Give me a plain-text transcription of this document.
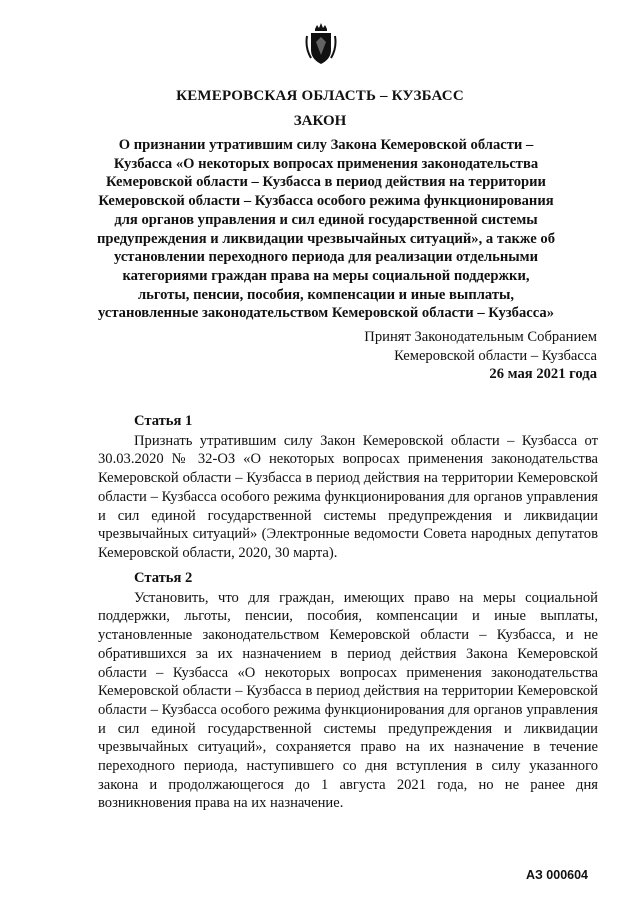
КЕМЕРОВСКАЯ ОБЛАСТЬ – КУЗБАСС
ЗАКОН
О признании утратившим силу Закона Кемеровской области – Кузбасса «О некоторых вопросах применения законодательства Кемеровской области – Кузбасса в период действия на территории Кемеровской области – Кузбасса особого режима функционирования для органов управления и сил единой государственной системы предупреждения и ликвидации чрезвычайных ситуаций», а также об установлении переходного периода для реализации отдельными категориями граждан права на меры социальной поддержки, льготы, пенсии, пособия, компенсации и иные выплаты, установленные законодательством Кемеровской области – Кузбасса»
Принят Законодательным Собранием
Кемеровской области – Кузбасса
26 мая 2021 года
Статья 1

Признать утратившим силу Закон Кемеровской области – Кузбасса от 30.03.2020 № 32-ОЗ «О некоторых вопросах применения законодательства Кемеровской области – Кузбасса в период действия на территории Кемеровской области – Кузбасса особого режима функционирования для органов управления и сил единой государственной системы предупреждения и ликвидации чрезвычайных ситуаций» (Электронные ведомости Совета народных депутатов Кемеровской области, 2020, 30 марта).

Статья 2

Установить, что для граждан, имеющих право на меры социальной поддержки, льготы, пенсии, пособия, компенсации и иные выплаты, установленные законодательством Кемеровской области – Кузбасса, и не обратившихся за их назначением в период действия Закона Кемеровской области – Кузбасса «О некоторых вопросах применения законодательства Кемеровской области – Кузбасса в период действия на территории Кемеровской области – Кузбасса особого режима функционирования для органов управления и сил единой государственной системы предупреждения и ликвидации чрезвычайных ситуаций», сохраняется право на их назначение в течение переходного периода, наступившего со дня вступления в силу указанного закона и продолжающегося до 1 августа 2021 года, но не ранее дня возникновения права на их назначение.

АЗ 000604
